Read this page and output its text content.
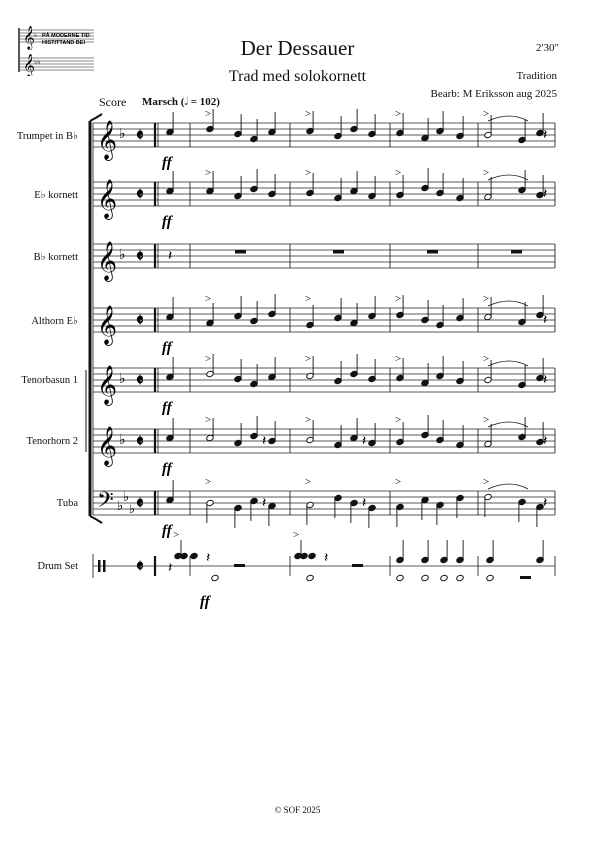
𝄞
𝄞
♭
♭♭
PÅ MODERNE TID
HISTITTAND BEI	Der Dessauer
Trad med solokornett
2'30"
Tradition
Bearb: M Eriksson aug 2025
Score Marsch (𝅗𝅥 = 102)
Trumpet in B♭
E♭ kornett
B♭ kornett
Althorn E♭
Tenorbasun 1
Tenorhorn 2
Tuba
Drum Set
𝄞 ♭ 𝄵
𝄞 𝄵
𝄞 ♭ 𝄵
𝄞 𝄵
𝄞 ♭ 𝄵
𝄞 ♭ 𝄵
𝄢 ♭
♭
♭ 𝄵
𝄵
ff
>	>	>	>
𝄽
ff
>	>	>	>
𝄽
ff
>	>	>	>
𝄽
ff
>	>	>	>
𝄽
ff
>
𝄽
>
𝄽
>	>
𝄽
ff
>
𝄽
>
𝄽
>	>
𝄽
𝄽
>
𝄽
>
𝄽
𝄽
ff
© SOF 2025
